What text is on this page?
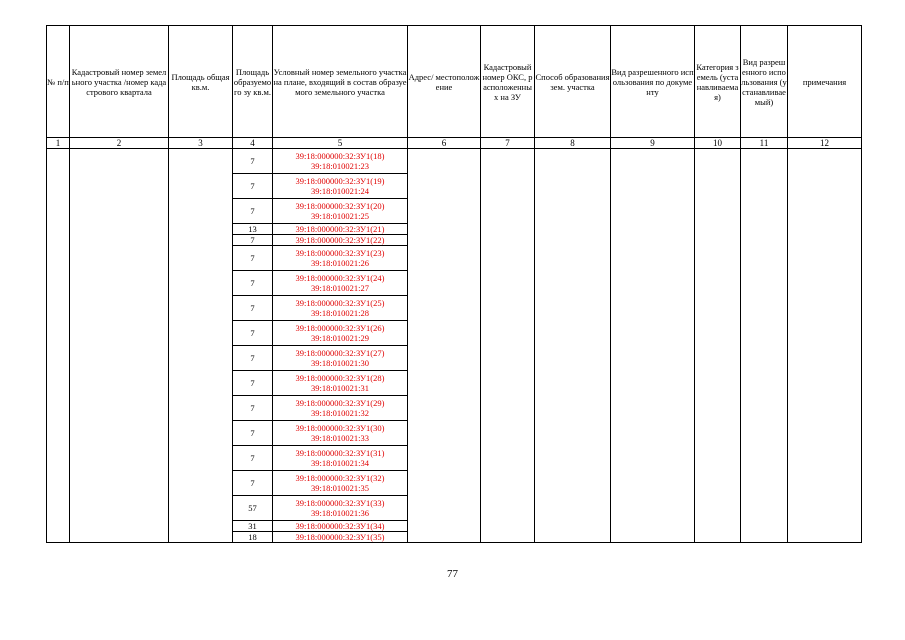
№ п/п	Кадастровый номер земельного участка /номер кадастрового квартала	Площадь общая кв.м.	Площадь образуемого зу кв.м.	Условный номер земельного участка на плане, входящий в состав образуемого земельного участка	Адрес/ местоположение	Кадастровый номер ОКС, расположенных на ЗУ	Способ образования зем. участка	Вид разрешенного использования по документу	Категория земель (устанавливаемая)	Вид разрешенного использования (устанавливаемый)	примечания
1	2	3	4	5	6	7	8	9	10	11	12
			7	39:18:000000:32:ЗУ1(18)
39:18:010021:23							
			7	39:18:000000:32:ЗУ1(19)
39:18:010021:24							
			7	39:18:000000:32:ЗУ1(20)
39:18:010021:25							
			13	39:18:000000:32:ЗУ1(21)							
			7	39:18:000000:32:ЗУ1(22)							
			7	39:18:000000:32:ЗУ1(23)
39:18:010021:26							
			7	39:18:000000:32:ЗУ1(24)
39:18:010021:27							
			7	39:18:000000:32:ЗУ1(25)
39:18:010021:28							
			7	39:18:000000:32:ЗУ1(26)
39:18:010021:29							
			7	39:18:000000:32:ЗУ1(27)
39:18:010021:30							
			7	39:18:000000:32:ЗУ1(28)
39:18:010021:31							
			7	39:18:000000:32:ЗУ1(29)
39:18:010021:32							
			7	39:18:000000:32:ЗУ1(30)
39:18:010021:33							
			7	39:18:000000:32:ЗУ1(31)
39:18:010021:34							
			7	39:18:000000:32:ЗУ1(32)
39:18:010021:35							
			57	39:18:000000:32:ЗУ1(33)
39:18:010021:36							
			31	39:18:000000:32:ЗУ1(34)							
			18	39:18:000000:32:ЗУ1(35)							
77
